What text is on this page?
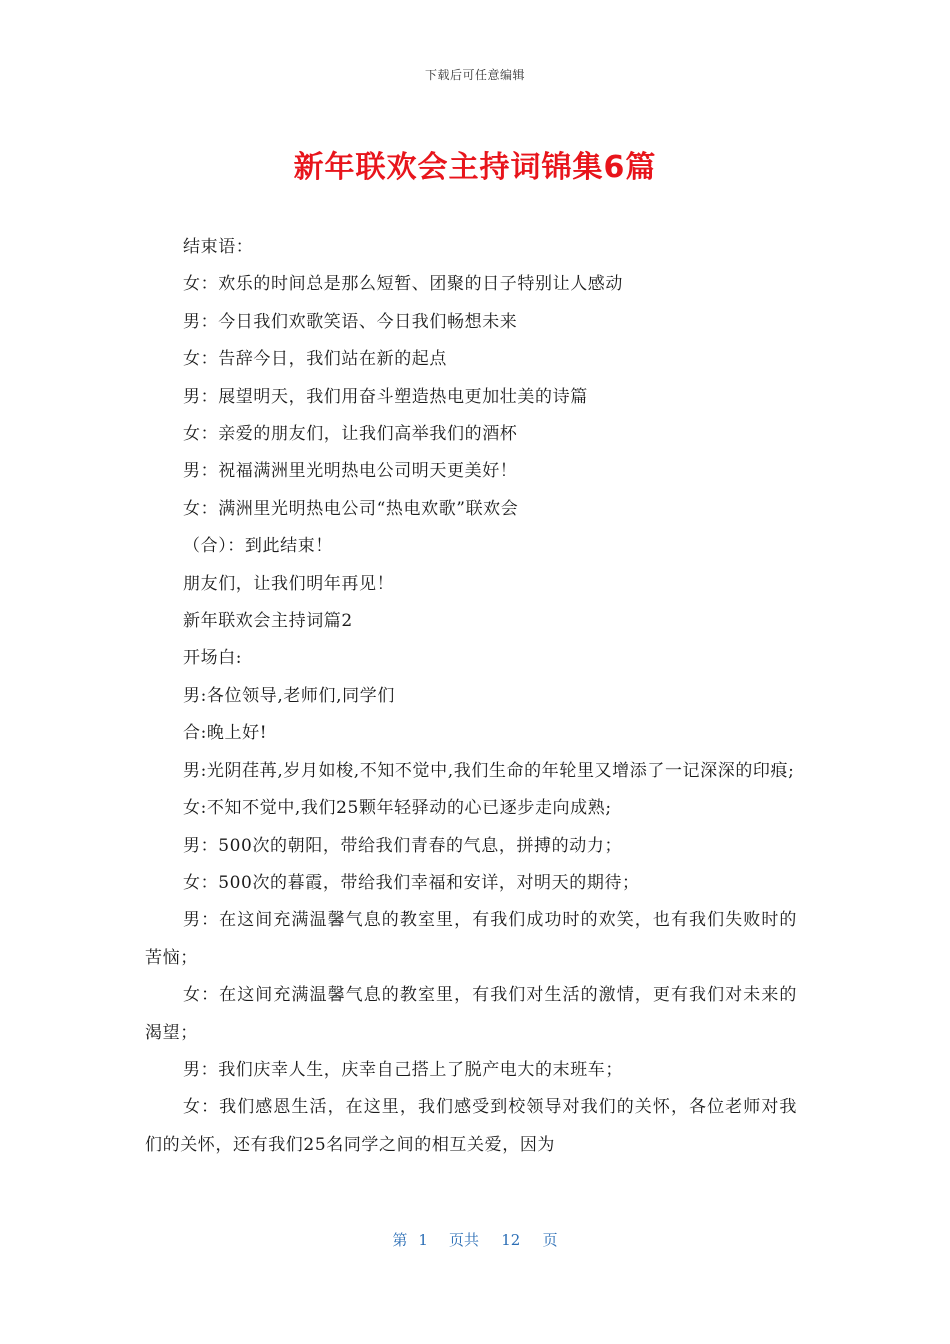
下载后可任意编辑
新年联欢会主持词锦集6篇

结束语：

女：欢乐的时间总是那么短暂、团聚的日子特别让人感动

男：今日我们欢歌笑语、今日我们畅想未来

女：告辞今日，我们站在新的起点

男：展望明天，我们用奋斗塑造热电更加壮美的诗篇

女：亲爱的朋友们，让我们高举我们的酒杯

男：祝福满洲里光明热电公司明天更美好！

女：满洲里光明热电公司“热电欢歌”联欢会

（合）：到此结束！

朋友们，让我们明年再见！

新年联欢会主持词篇2

开场白:

男:各位领导,老师们,同学们

合:晚上好!

男:光阴荏苒,岁月如梭,不知不觉中,我们生命的年轮里又增添了一记深深的印痕;

女:不知不觉中,我们25颗年轻驿动的心已逐步走向成熟;

男：500次的朝阳，带给我们青春的气息，拼搏的动力；

女：500次的暮霞，带给我们幸福和安详，对明天的期待；

男：在这间充满温馨气息的教室里，有我们成功时的欢笑，也有我们失败时的苦恼；

女：在这间充满温馨气息的教室里，有我们对生活的激情，更有我们对未来的渴望；

男：我们庆幸人生，庆幸自己搭上了脱产电大的末班车；

女：我们感恩生活，在这里，我们感受到校领导对我们的关怀，各位老师对我们的关怀，还有我们25名同学之间的相互关爱，因为

第 1 页共 12 页
